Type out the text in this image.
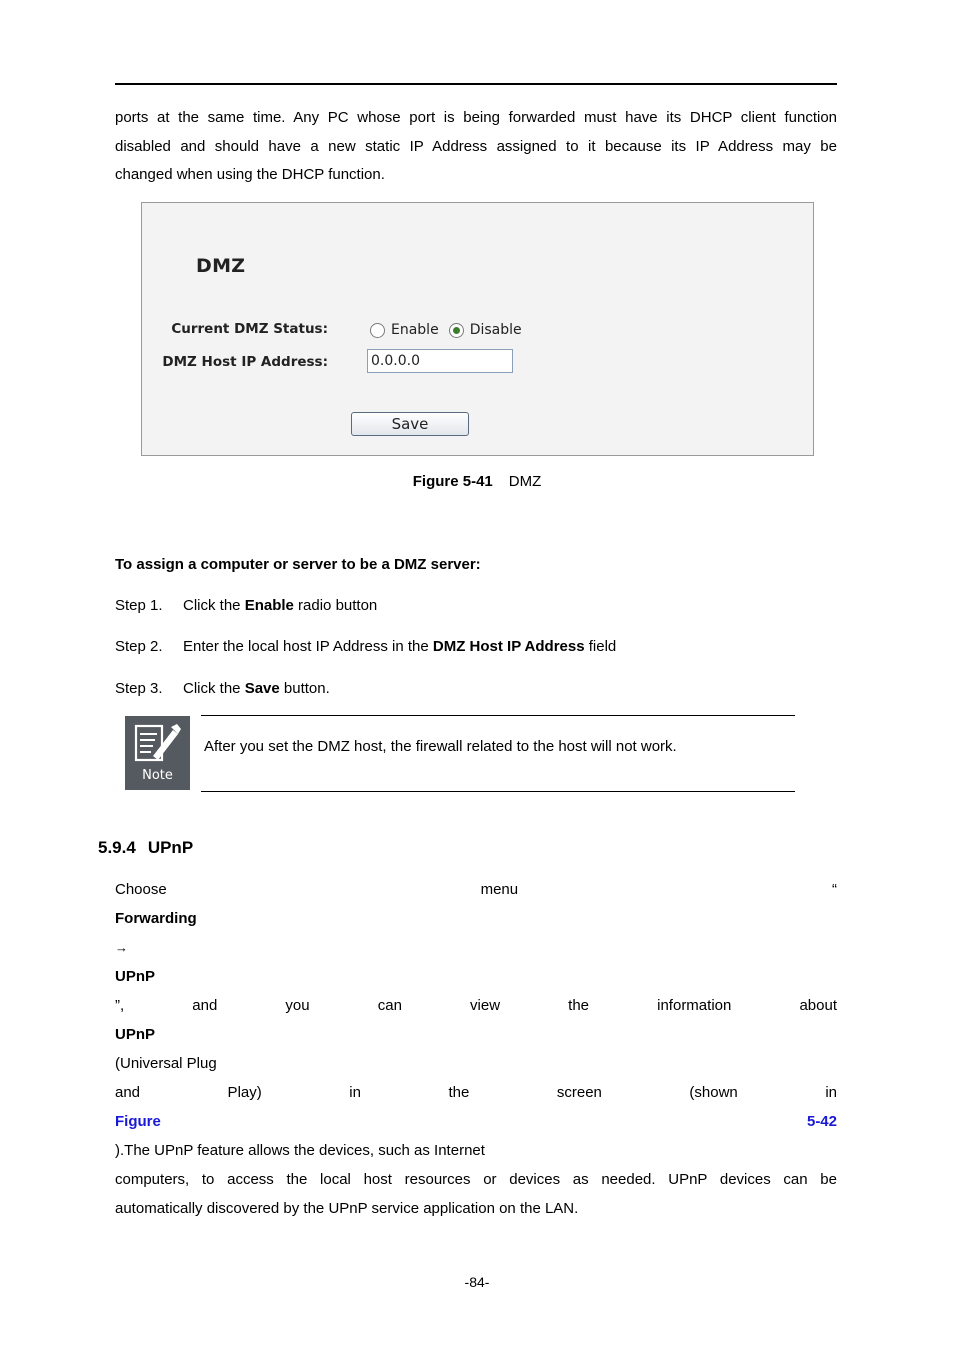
ports at the same time. Any PC whose port is being forwarded must have its DHCP client function
disabled and should have a new static IP Address assigned to it because its IP Address may be
changed when using the DHCP function.
DMZ
Current DMZ Status:	Enable Disable
DMZ Host IP Address:
0.0.0.0
Save
Figure 5-41 DMZ
To assign a computer or server to be a DMZ server:
Step 1. Click the Enable radio button
Step 2. Enter the local host IP Address in the DMZ Host IP Address field
Step 3. Click the Save button.
Note
After you set the DMZ host, the firewall related to the host will not work.
5.9.4 UPnP
Choose menu “
Forwarding
→
UPnP
”, and you can view the information about
UPnP
(Universal Plug
and Play) in the screen (shown in
Figure 5-42
).The UPnP feature allows the devices, such as Internet
computers, to access the local host resources or devices as needed. UPnP devices can be
automatically discovered by the UPnP service application on the LAN.
-84-
